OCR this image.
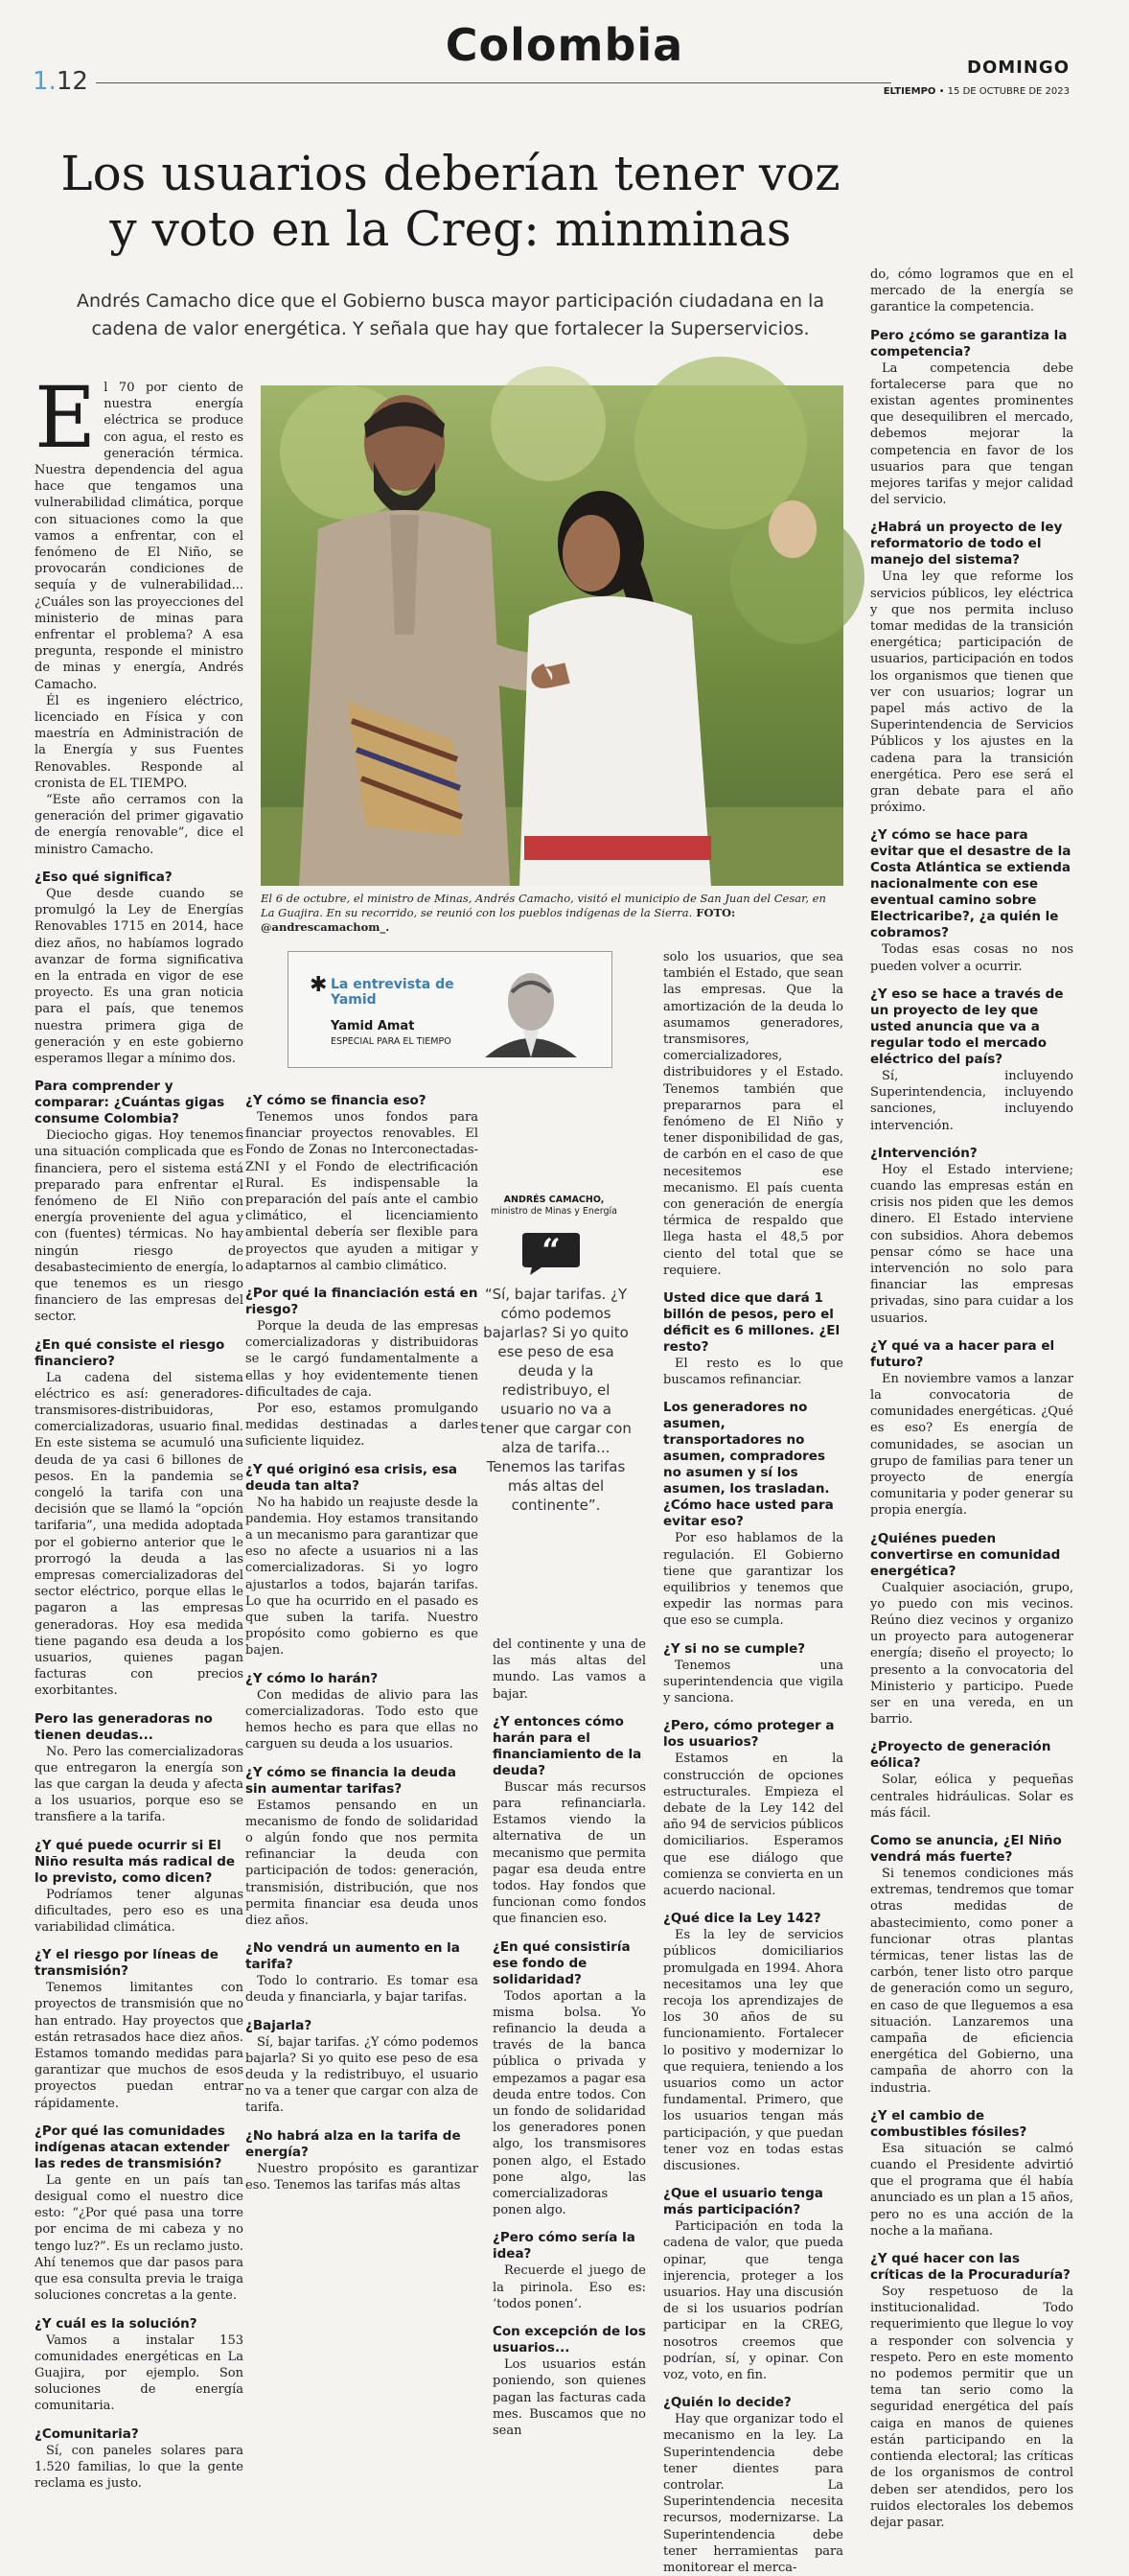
1.12
Colombia	DOMINGO
ELTIEMPO • 15 DE OCTUBRE DE 2023
Los usuarios deberían tener voz y voto en la Creg: minminas
Andrés Camacho dice que el Gobierno busca mayor participación ciudadana en la cadena de valor energética. Y señala que hay que fortalecer la Superservicios.

El 70 por ciento de nuestra energía eléctrica se produce con agua, el resto es generación térmica. Nuestra dependencia del agua hace que tengamos una vulnerabilidad climática, porque con situaciones como la que vamos a enfrentar, con el fenómeno de El Niño, se provocarán condiciones de sequía y de vulnerabilidad... ¿Cuáles son las proyecciones del ministerio de minas para enfrentar el problema? A esa pregunta, responde el ministro de minas y energía, Andrés Camacho.

Él es ingeniero eléctrico, licenciado en Física y con maestría en Administración de la Energía y sus Fuentes Renovables. Responde al cronista de EL TIEMPO.

“Este año cerramos con la generación del primer gigavatio de energía renovable”, dice el ministro Camacho.

¿Eso qué significa?

Que desde cuando se promulgó la Ley de Energías Renovables 1715 en 2014, hace diez años, no habíamos logrado avanzar de forma significativa en la entrada en vigor de ese proyecto. Es una gran noticia para el país, que tenemos nuestra primera giga de generación y en este gobierno esperamos llegar a mínimo dos.

Para comprender y comparar: ¿Cuántas gigas consume Colombia?

Dieciocho gigas. Hoy tenemos una situación complicada que es financiera, pero el sistema está preparado para enfrentar el fenómeno de El Niño con energía proveniente del agua y con (fuentes) térmicas. No hay ningún riesgo de desabastecimiento de energía, lo que tenemos es un riesgo financiero de las empresas del sector.

¿En qué consiste el riesgo financiero?

La cadena del sistema eléctrico es así: generadores-transmisores-distribuidoras, comercializadoras, usuario final. En este sistema se acumuló una deuda de ya casi 6 billones de pesos. En la pandemia se congeló la tarifa con una decisión que se llamó la “opción tarifaria”, una medida adoptada por el gobierno anterior que le prorrogó la deuda a las empresas comercializadoras del sector eléctrico, porque ellas le pagaron a las empresas generadoras. Hoy esa medida tiene pagando esa deuda a los usuarios, quienes pagan facturas con precios exorbitantes.

Pero las generadoras no tienen deudas...

No. Pero las comercializadoras que entregaron la energía son las que cargan la deuda y afecta a los usuarios, porque eso se transfiere a la tarifa.

¿Y qué puede ocurrir si El Niño resulta más radical de lo previsto, como dicen?

Podríamos tener algunas dificultades, pero eso es una variabilidad climática.

¿Y el riesgo por líneas de transmisión?

Tenemos limitantes con proyectos de transmisión que no han entrado. Hay proyectos que están retrasados hace diez años. Estamos tomando medidas para garantizar que muchos de esos proyectos puedan entrar rápidamente.

¿Por qué las comunidades indígenas atacan extender las redes de transmisión?

La gente en un país tan desigual como el nuestro dice esto: “¿Por qué pasa una torre por encima de mi cabeza y no tengo luz?”. Es un reclamo justo. Ahí tenemos que dar pasos para que esa consulta previa le traiga soluciones concretas a la gente.

¿Y cuál es la solución?

Vamos a instalar 153 comunidades energéticas en La Guajira, por ejemplo. Son soluciones de energía comunitaria.

¿Comunitaria?

Sí, con paneles solares para 1.520 familias, lo que la gente reclama es justo.

El 6 de octubre, el ministro de Minas, Andrés Camacho, visitó el municipio de San Juan del Cesar, en La Guajira. En su recorrido, se reunió con los pueblos indígenas de la Sierra. FOTO: @andrescamachom_.
✱ La entrevista de Yamid
Yamid Amat
ESPECIAL PARA EL TIEMPO

¿Y cómo se financia eso?

Tenemos unos fondos para financiar proyectos renovables. El Fondo de Zonas no Interconectadas-ZNI y el Fondo de electrificación Rural. Es indispensable la preparación del país ante el cambio climático, el licenciamiento ambiental debería ser flexible para proyectos que ayuden a mitigar y adaptarnos al cambio climático.

¿Por qué la financiación está en riesgo?

Porque la deuda de las empresas comercializadoras y distribuidoras se le cargó fundamentalmente a ellas y hoy evidentemente tienen dificultades de caja.

Por eso, estamos promulgando medidas destinadas a darles suficiente liquidez.

¿Y qué originó esa crisis, esa deuda tan alta?

No ha habido un reajuste desde la pandemia. Hoy estamos transitando a un mecanismo para garantizar que eso no afecte a usuarios ni a las comercializadoras. Si yo logro ajustarlos a todos, bajarán tarifas. Lo que ha ocurrido en el pasado es que suben la tarifa. Nuestro propósito como gobierno es que bajen.

¿Y cómo lo harán?

Con medidas de alivio para las comercializadoras. Todo esto que hemos hecho es para que ellas no carguen su deuda a los usuarios.

¿Y cómo se financia la deuda sin aumentar tarifas?

Estamos pensando en un mecanismo de fondo de solidaridad o algún fondo que nos permita refinanciar la deuda con participación de todos: generación, transmisión, distribución, que nos permita financiar esa deuda unos diez años.

¿No vendrá un aumento en la tarifa?

Todo lo contrario. Es tomar esa deuda y financiarla, y bajar tarifas.

¿Bajarla?

Sí, bajar tarifas. ¿Y cómo podemos bajarla? Si yo quito ese peso de esa deuda y la redistribuyo, el usuario no va a tener que cargar con alza de tarifa.

¿No habrá alza en la tarifa de energía?

Nuestro propósito es garantizar eso. Tenemos las tarifas más altas

ANDRÉS CAMACHO,
ministro de Minas y Energía
“
“Sí, bajar tarifas. ¿Y cómo podemos bajarlas? Si yo quito ese peso de esa deuda y la redistribuyo, el usuario no va a tener que cargar con alza de tarifa... Tenemos las tarifas más altas del continente”.

del continente y una de las más altas del mundo. Las vamos a bajar.

¿Y entonces cómo harán para el financiamiento de la deuda?

Buscar más recursos para refinanciarla. Estamos viendo la alternativa de un mecanismo que permita pagar esa deuda entre todos. Hay fondos que funcionan como fondos que financien eso.

¿En qué consistiría ese fondo de solidaridad?

Todos aportan a la misma bolsa. Yo refinancio la deuda a través de la banca pública o privada y empezamos a pagar esa deuda entre todos. Con un fondo de solidaridad los generadores ponen algo, los transmisores ponen algo, el Estado pone algo, las comercializadoras ponen algo.

¿Pero cómo sería la idea?

Recuerde el juego de la pirinola. Eso es: ‘todos ponen’.

Con excepción de los usuarios...

Los usuarios están poniendo, son quienes pagan las facturas cada mes. Buscamos que no sean

solo los usuarios, que sea también el Estado, que sean las empresas. Que la amortización de la deuda lo asumamos generadores, transmisores, comercializadores, distribuidores y el Estado. Tenemos también que prepararnos para el fenómeno de El Niño y tener disponibilidad de gas, de carbón en el caso de que necesitemos ese mecanismo. El país cuenta con generación de energía térmica de respaldo que llega hasta el 48,5 por ciento del total que se requiere.

Usted dice que dará 1 billón de pesos, pero el déficit es 6 millones. ¿El resto?

El resto es lo que buscamos refinanciar.

Los generadores no asumen, transportadores no asumen, compradores no asumen y sí los asumen, los trasladan. ¿Cómo hace usted para evitar eso?

Por eso hablamos de la regulación. El Gobierno tiene que garantizar los equilibrios y tenemos que expedir las normas para que eso se cumpla.

¿Y si no se cumple?

Tenemos una superintendencia que vigila y sanciona.

¿Pero, cómo proteger a los usuarios?

Estamos en la construcción de opciones estructurales. Empieza el debate de la Ley 142 del año 94 de servicios públicos domiciliarios. Esperamos que ese diálogo que comienza se convierta en un acuerdo nacional.

¿Qué dice la Ley 142?

Es la ley de servicios públicos domiciliarios promulgada en 1994. Ahora necesitamos una ley que recoja los aprendizajes de los 30 años de su funcionamiento. Fortalecer lo positivo y modernizar lo que requiera, teniendo a los usuarios como un actor fundamental. Primero, que los usuarios tengan más participación, y que puedan tener voz en todas estas discusiones.

¿Que el usuario tenga más participación?

Participación en toda la cadena de valor, que pueda opinar, que tenga injerencia, proteger a los usuarios. Hay una discusión de si los usuarios podrían participar en la CREG, nosotros creemos que podrían, sí, y opinar. Con voz, voto, en fin.

¿Quién lo decide?

Hay que organizar todo el mecanismo en la ley. La Superintendencia debe tener dientes para controlar. La Superintendencia necesita recursos, modernizarse. La Superintendencia debe tener herramientas para monitorear el merca-

do, cómo logramos que en el mercado de la energía se garantice la competencia.

Pero ¿cómo se garantiza la competencia?

La competencia debe fortalecerse para que no existan agentes prominentes que desequilibren el mercado, debemos mejorar la competencia en favor de los usuarios para que tengan mejores tarifas y mejor calidad del servicio.

¿Habrá un proyecto de ley reformatorio de todo el manejo del sistema?

Una ley que reforme los servicios públicos, ley eléctrica y que nos permita incluso tomar medidas de la transición energética; participación de usuarios, participación en todos los organismos que tienen que ver con usuarios; lograr un papel más activo de la Superintendencia de Servicios Públicos y los ajustes en la cadena para la transición energética. Pero ese será el gran debate para el año próximo.

¿Y cómo se hace para evitar que el desastre de la Costa Atlántica se extienda nacionalmente con ese eventual camino sobre Electricaribe?, ¿a quién le cobramos?

Todas esas cosas no nos pueden volver a ocurrir.

¿Y eso se hace a través de un proyecto de ley que usted anuncia que va a regular todo el mercado eléctrico del país?

Sí, incluyendo Superintendencia, incluyendo sanciones, incluyendo intervención.

¿Intervención?

Hoy el Estado interviene; cuando las empresas están en crisis nos piden que les demos dinero. El Estado interviene con subsidios. Ahora debemos pensar cómo se hace una intervención no solo para financiar las empresas privadas, sino para cuidar a los usuarios.

¿Y qué va a hacer para el futuro?

En noviembre vamos a lanzar la convocatoria de comunidades energéticas. ¿Qué es eso? Es energía de comunidades, se asocian un grupo de familias para tener un proyecto de energía comunitaria y poder generar su propia energía.

¿Quiénes pueden convertirse en comunidad energética?

Cualquier asociación, grupo, yo puedo con mis vecinos. Reúno diez vecinos y organizo un proyecto para autogenerar energía; diseño el proyecto; lo presento a la convocatoria del Ministerio y participo. Puede ser en una vereda, en un barrio.

¿Proyecto de generación eólica?

Solar, eólica y pequeñas centrales hidráulicas. Solar es más fácil.

Como se anuncia, ¿El Niño vendrá más fuerte?

Si tenemos condiciones más extremas, tendremos que tomar otras medidas de abastecimiento, como poner a funcionar otras plantas térmicas, tener listas las de carbón, tener listo otro parque de generación como un seguro, en caso de que lleguemos a esa situación. Lanzaremos una campaña de eficiencia energética del Gobierno, una campaña de ahorro con la industria.

¿Y el cambio de combustibles fósiles?

Esa situación se calmó cuando el Presidente advirtió que el programa que él había anunciado es un plan a 15 años, pero no es una acción de la noche a la mañana.

¿Y qué hacer con las críticas de la Procuraduría?

Soy respetuoso de la institucionalidad. Todo requerimiento que llegue lo voy a responder con solvencia y respeto. Pero en este momento no podemos permitir que un tema tan serio como la seguridad energética del país caiga en manos de quienes están participando en la contienda electoral; las críticas de los organismos de control deben ser atendidos, pero los ruidos electorales los debemos dejar pasar.
